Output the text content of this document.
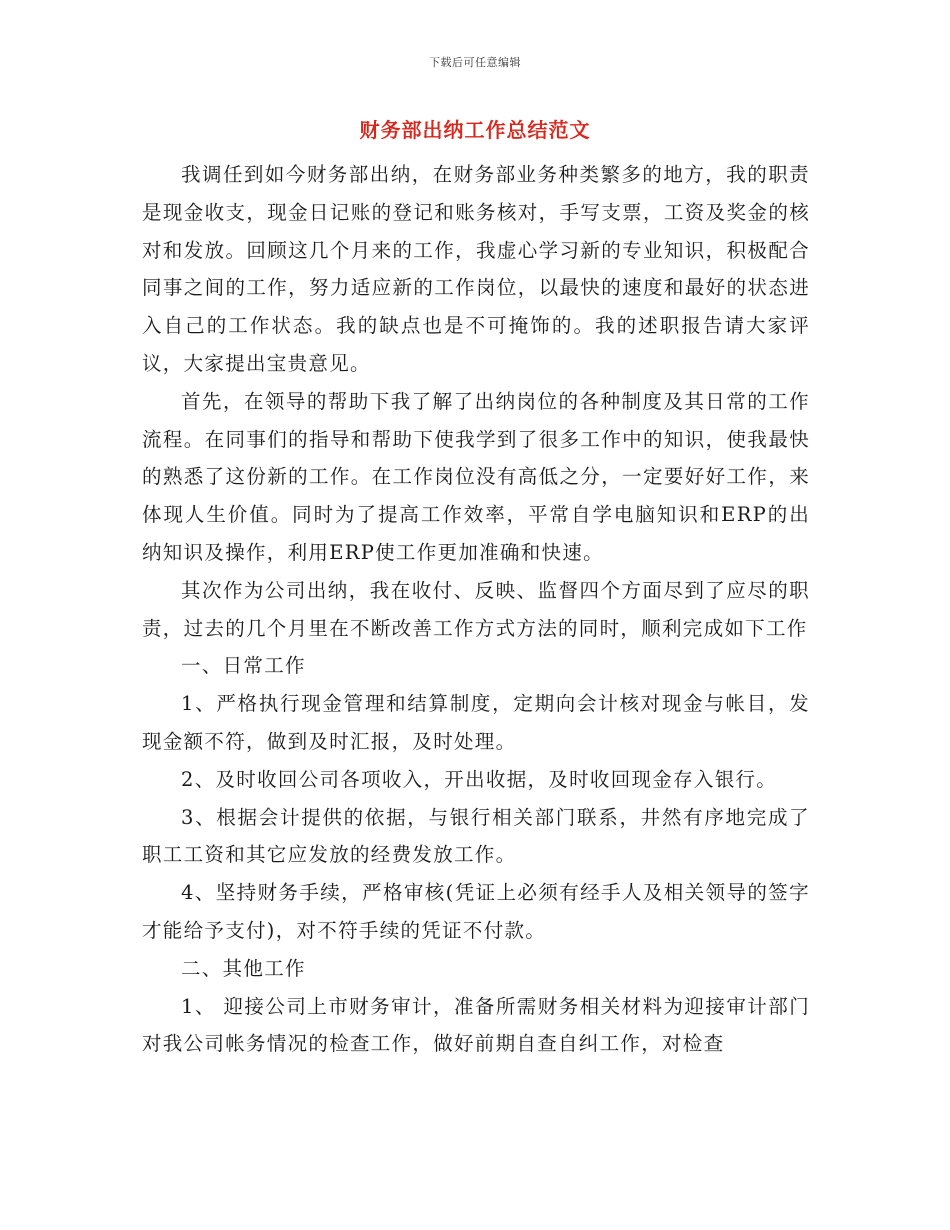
下载后可任意编辑
财务部出纳工作总结范文

我调任到如今财务部出纳，在财务部业务种类繁多的地方，我的职责是现金收支，现金日记账的登记和账务核对，手写支票，工资及奖金的核对和发放。回顾这几个月来的工作，我虚心学习新的专业知识，积极配合同事之间的工作，努力适应新的工作岗位，以最快的速度和最好的状态进入自己的工作状态。我的缺点也是不可掩饰的。我的述职报告请大家评议，大家提出宝贵意见。

首先，在领导的帮助下我了解了出纳岗位的各种制度及其日常的工作流程。在同事们的指导和帮助下使我学到了很多工作中的知识，使我最快的熟悉了这份新的工作。在工作岗位没有高低之分，一定要好好工作，来体现人生价值。同时为了提高工作效率，平常自学电脑知识和ERP的出纳知识及操作，利用ERP使工作更加准确和快速。

其次作为公司出纳，我在收付、反映、监督四个方面尽到了应尽的职责，过去的几个月里在不断改善工作方式方法的同时，顺利完成如下工作

一、日常工作

1、严格执行现金管理和结算制度，定期向会计核对现金与帐目，发现金额不符，做到及时汇报，及时处理。

2、及时收回公司各项收入，开出收据，及时收回现金存入银行。

3、根据会计提供的依据，与银行相关部门联系，井然有序地完成了职工工资和其它应发放的经费发放工作。

4、坚持财务手续，严格审核(凭证上必须有经手人及相关领导的签字才能给予支付)，对不符手续的凭证不付款。

二、其他工作

1、 迎接公司上市财务审计，准备所需财务相关材料为迎接审计部门对我公司帐务情况的检查工作，做好前期自查自纠工作，对检查
